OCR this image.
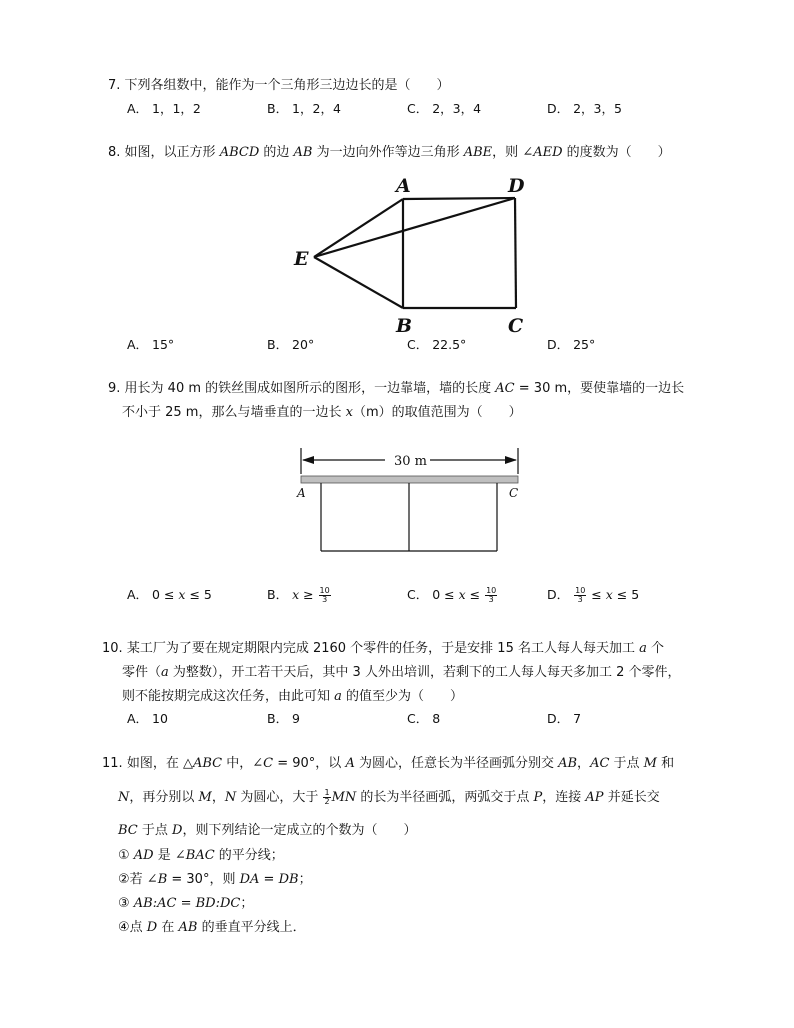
7. 下列各组数中，能作为一个三角形三边边长的是（　　）
A． 1，1，2	B． 1，2，4	C． 2，3，4	D． 2，3，5
8. 如图，以正方形 ABCD 的边 AB 为一边向外作等边三角形 ABE，则 ∠AED 的度数为（　　）
A	D
E
B	C
A． 15°	B． 20°	C． 22.5°	D． 25°
9. 用长为 40 m 的铁丝围成如图所示的图形，一边靠墙，墙的长度 AC = 30 m，要使靠墙的一边长
不小于 25 m，那么与墙垂直的一边长 x（m）的取值范围为（　　）
30 m
A	C
A． 0 ≤ x ≤ 5	B． $x \ge \frac{10}{3}$	C． $0 \le x \le \frac{10}{3}$	D． $\frac{10}{3} \le x \le 5$
10. 某工厂为了要在规定期限内完成 2160 个零件的任务，于是安排 15 名工人每人每天加工 a 个
零件（a 为整数），开工若干天后，其中 3 人外出培训，若剩下的工人每人每天多加工 2 个零件，
则不能按期完成这次任务，由此可知 a 的值至少为（　　）
A． 10	B． 9	C． 8	D． 7
11. 如图，在 △ABC 中，∠C = 90°，以 A 为圆心，任意长为半径画弧分别交 AB，AC 于点 M 和
N，再分别以 M，N 为圆心，大于 $\frac{1}{2}$ MN 的长为半径画弧，两弧交于点 P，连接 AP 并延长交
BC 于点 D，则下列结论一定成立的个数为（　　）
① AD 是 ∠BAC 的平分线；
②若 ∠B = 30°，则 DA = DB；
③ AB:AC = BD:DC；
④点 D 在 AB 的垂直平分线上．
